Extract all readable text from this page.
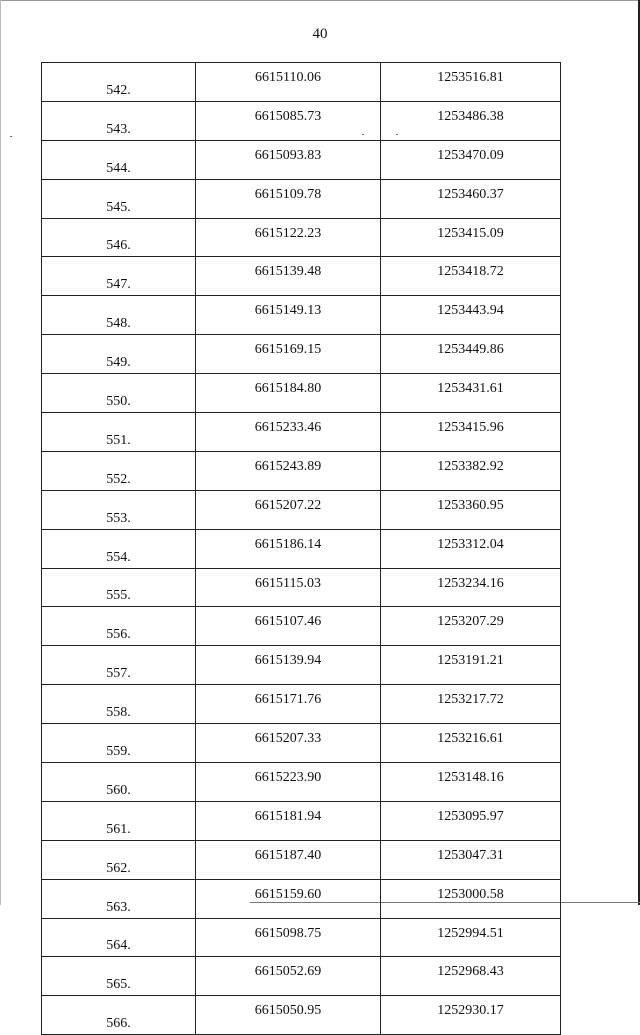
40
542.	6615110.06	1253516.81
543.	6615085.73	1253486.38
544.	6615093.83	1253470.09
545.	6615109.78	1253460.37
546.	6615122.23	1253415.09
547.	6615139.48	1253418.72
548.	6615149.13	1253443.94
549.	6615169.15	1253449.86
550.	6615184.80	1253431.61
551.	6615233.46	1253415.96
552.	6615243.89	1253382.92
553.	6615207.22	1253360.95
554.	6615186.14	1253312.04
555.	6615115.03	1253234.16
556.	6615107.46	1253207.29
557.	6615139.94	1253191.21
558.	6615171.76	1253217.72
559.	6615207.33	1253216.61
560.	6615223.90	1253148.16
561.	6615181.94	1253095.97
562.	6615187.40	1253047.31
563.	6615159.60	1253000.58
564.	6615098.75	1252994.51
565.	6615052.69	1252968.43
566.	6615050.95	1252930.17
